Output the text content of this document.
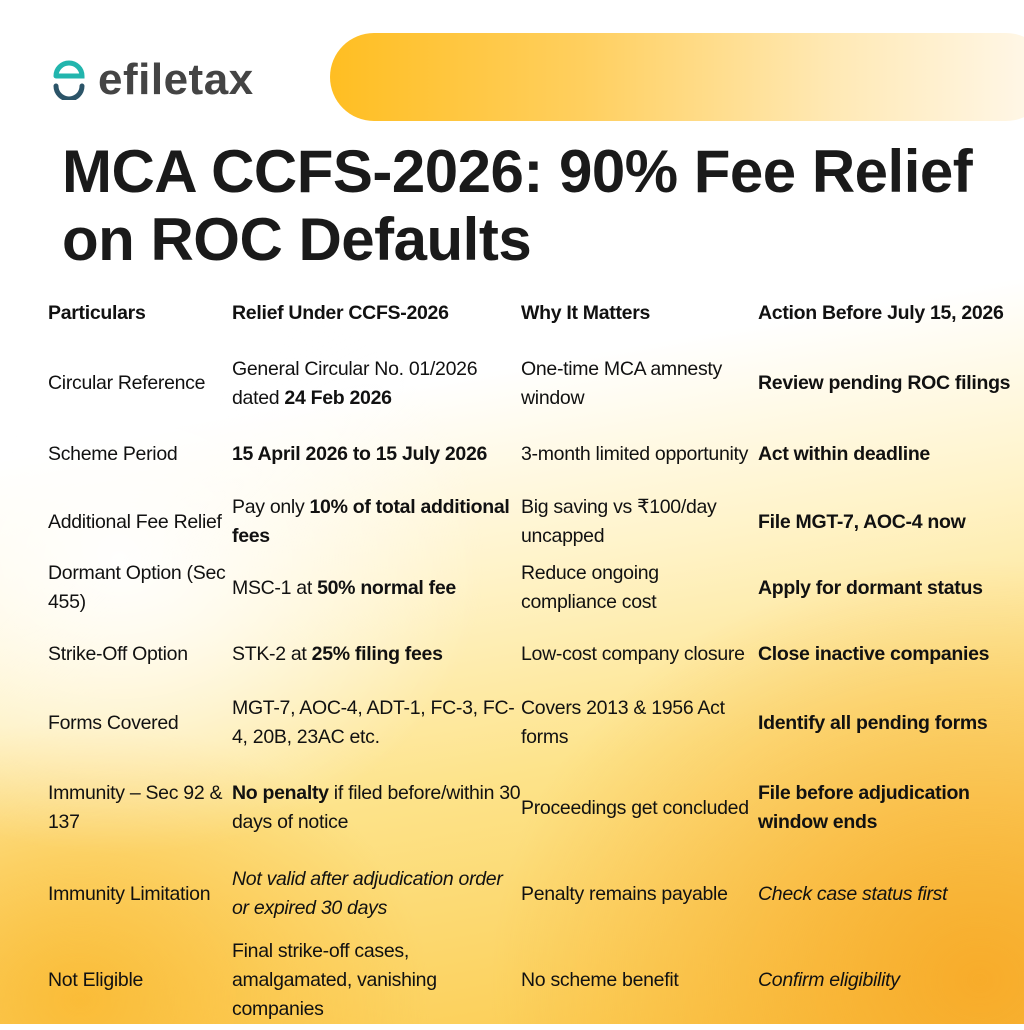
efiletax
MCA CCFS-2026: 90% Fee Relief on ROC Defaults
Particulars	Relief Under CCFS-2026	Why It Matters	Action Before July 15, 2026
Circular Reference	General Circular No. 01/2026 dated 24 Feb 2026	One-time MCA amnesty window	Review pending ROC filings
Scheme Period	15 April 2026 to 15 July 2026	3-month limited opportunity	Act within deadline
Additional Fee Relief	Pay only 10% of total additional fees	Big saving vs ₹100/day uncapped	File MGT-7, AOC-4 now
Dormant Option (Sec 455)	MSC-1 at 50% normal fee	Reduce ongoing compliance cost	Apply for dormant status
Strike-Off Option	STK-2 at 25% filing fees	Low-cost company closure	Close inactive companies
Forms Covered	MGT-7, AOC-4, ADT-1, FC-3, FC-4, 20B, 23AC etc.	Covers 2013 & 1956 Act forms	Identify all pending forms
Immunity – Sec 92 & 137	No penalty if filed before/within 30 days of notice	Proceedings get concluded	File before adjudication window ends
Immunity Limitation	Not valid after adjudication order or expired 30 days	Penalty remains payable	Check case status first
Not Eligible	Final strike-off cases, amalgamated, vanishing companies	No scheme benefit	Confirm eligibility
